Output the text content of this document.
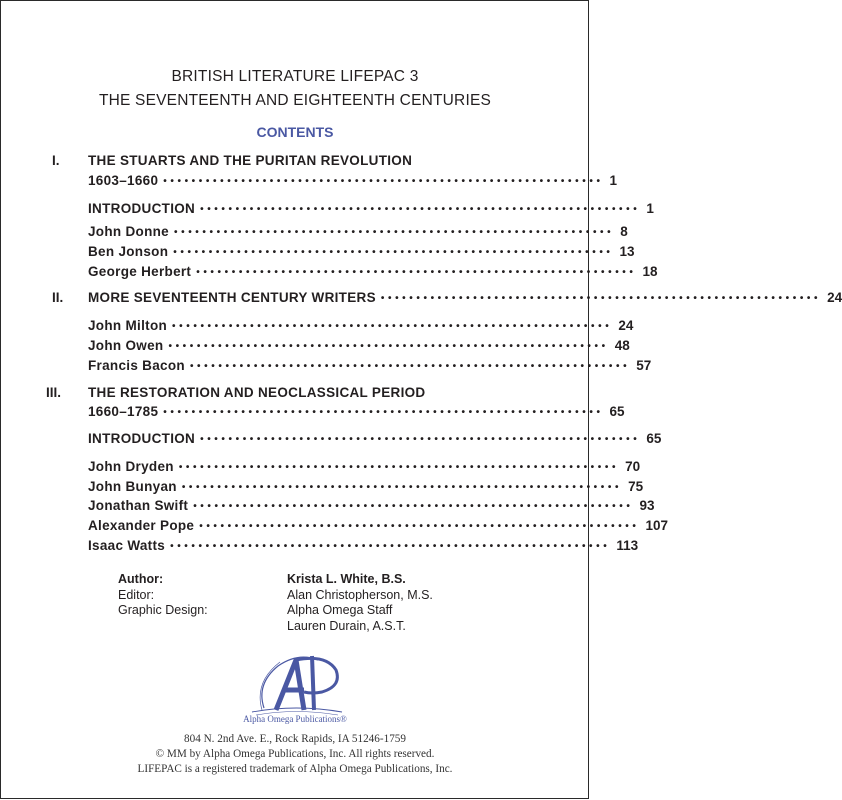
BRITISH LITERATURE LIFEPAC 3
THE SEVENTEENTH AND EIGHTEENTH CENTURIES
CONTENTS
I. THE STUARTS AND THE PURITAN REVOLUTION
1603–1660 •••••••••••••••••••••••••••••••••••••••••••••••••••••••••••••• 1
INTRODUCTION •••••••••••••••••••••••••••••••••••••••••••••••••••••••••••••• 1
John Donne •••••••••••••••••••••••••••••••••••••••••••••••••••••••••••••• 8
Ben Jonson •••••••••••••••••••••••••••••••••••••••••••••••••••••••••••••• 13
George Herbert •••••••••••••••••••••••••••••••••••••••••••••••••••••••••••••• 18
II. MORE SEVENTEENTH CENTURY WRITERS •••••••••••••••••••••••••••••••••••••••••••••••••••••••••••••• 24
John Milton •••••••••••••••••••••••••••••••••••••••••••••••••••••••••••••• 24
John Owen •••••••••••••••••••••••••••••••••••••••••••••••••••••••••••••• 48
Francis Bacon •••••••••••••••••••••••••••••••••••••••••••••••••••••••••••••• 57
III. THE RESTORATION AND NEOCLASSICAL PERIOD
1660–1785 •••••••••••••••••••••••••••••••••••••••••••••••••••••••••••••• 65
INTRODUCTION •••••••••••••••••••••••••••••••••••••••••••••••••••••••••••••• 65
John Dryden •••••••••••••••••••••••••••••••••••••••••••••••••••••••••••••• 70
John Bunyan •••••••••••••••••••••••••••••••••••••••••••••••••••••••••••••• 75
Jonathan Swift •••••••••••••••••••••••••••••••••••••••••••••••••••••••••••••• 93
Alexander Pope •••••••••••••••••••••••••••••••••••••••••••••••••••••••••••••• 107
Isaac Watts •••••••••••••••••••••••••••••••••••••••••••••••••••••••••••••• 113
Author:	Krista L. White, B.S.
Editor:	Alan Christopherson, M.S.
Graphic Design:	Alpha Omega Staff
Lauren Durain, A.S.T.
Alpha Omega Publications®
804 N. 2nd Ave. E., Rock Rapids, IA 51246-1759
© MM by Alpha Omega Publications, Inc. All rights reserved.
LIFEPAC is a registered trademark of Alpha Omega Publications, Inc.
